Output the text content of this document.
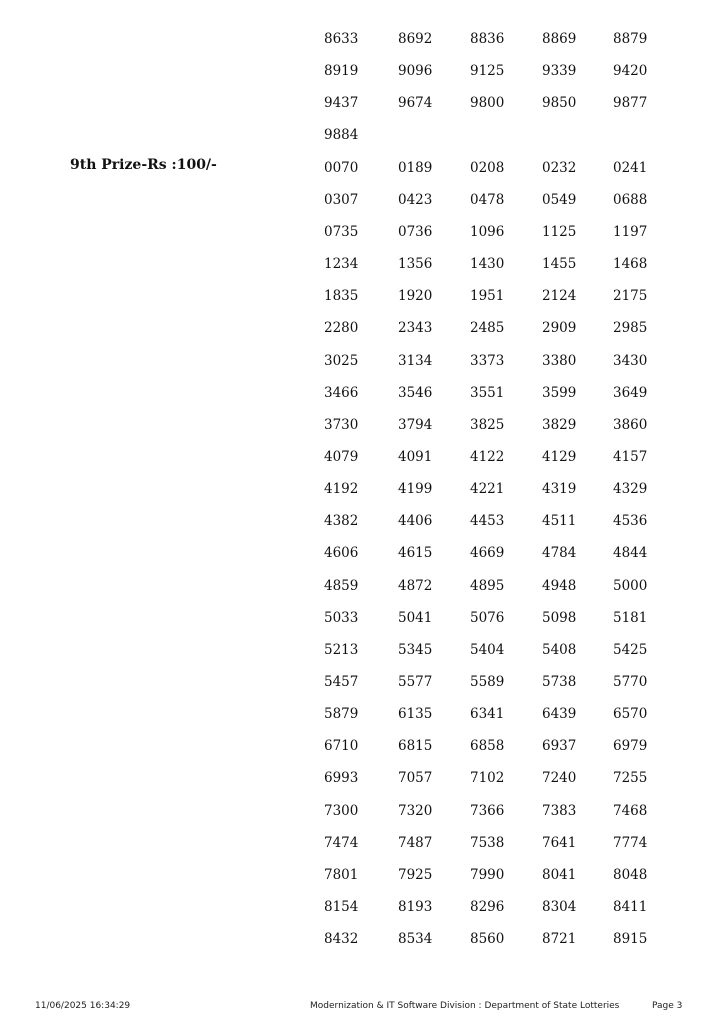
8633	8692	8836	8869	8879
8919	9096	9125	9339	9420
9437	9674	9800	9850	9877
9884
9th Prize-Rs :100/-	0070	0189	0208	0232	0241
0307	0423	0478	0549	0688
0735	0736	1096	1125	1197
1234	1356	1430	1455	1468
1835	1920	1951	2124	2175
2280	2343	2485	2909	2985
3025	3134	3373	3380	3430
3466	3546	3551	3599	3649
3730	3794	3825	3829	3860
4079	4091	4122	4129	4157
4192	4199	4221	4319	4329
4382	4406	4453	4511	4536
4606	4615	4669	4784	4844
4859	4872	4895	4948	5000
5033	5041	5076	5098	5181
5213	5345	5404	5408	5425
5457	5577	5589	5738	5770
5879	6135	6341	6439	6570
6710	6815	6858	6937	6979
6993	7057	7102	7240	7255
7300	7320	7366	7383	7468
7474	7487	7538	7641	7774
7801	7925	7990	8041	8048
8154	8193	8296	8304	8411
8432	8534	8560	8721	8915
11/06/2025 16:34:29	Modernization & IT Software Division : Department of State Lotteries	Page 3
